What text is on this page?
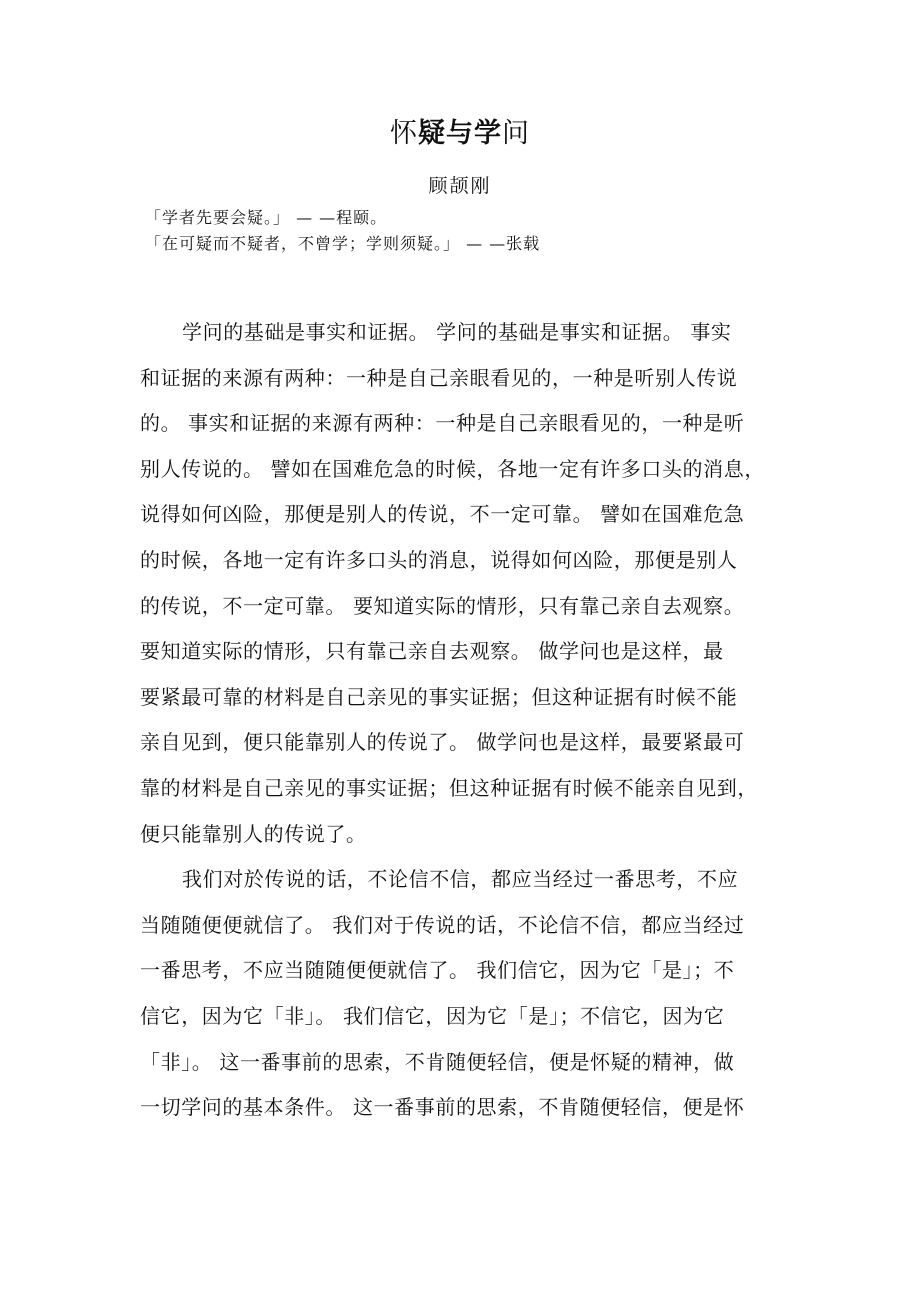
怀疑与学问

顾颉刚

「学者先要会疑。」 — —程颐。
「在可疑而不疑者，不曾学；学则须疑。」 — —张载

学问的基础是事实和证据。 学问的基础是事实和证据。 事实
和证据的来源有两种：一种是自己亲眼看见的，一种是听别人传说
的。 事实和证据的来源有两种：一种是自己亲眼看见的，一种是听
别人传说的。 譬如在国难危急的时候，各地一定有许多口头的消息，
说得如何凶险，那便是别人的传说，不一定可靠。 譬如在国难危急
的时候，各地一定有许多口头的消息，说得如何凶险，那便是别人
的传说，不一定可靠。 要知道实际的情形，只有靠己亲自去观察。
要知道实际的情形，只有靠己亲自去观察。 做学问也是这样，最
要紧最可靠的材料是自己亲见的事实证据；但这种证据有时候不能
亲自见到，便只能靠别人的传说了。 做学问也是这样，最要紧最可
靠的材料是自己亲见的事实证据；但这种证据有时候不能亲自见到，
便只能靠别人的传说了。

我们对於传说的话，不论信不信，都应当经过一番思考，不应
当随随便便就信了。 我们对于传说的话，不论信不信，都应当经过
一番思考，不应当随随便便就信了。 我们信它，因为它「是」；不
信它，因为它「非」。 我们信它，因为它「是」；不信它，因为它
「非」。 这一番事前的思索，不肯随便轻信，便是怀疑的精神，做
一切学问的基本条件。 这一番事前的思索，不肯随便轻信，便是怀
